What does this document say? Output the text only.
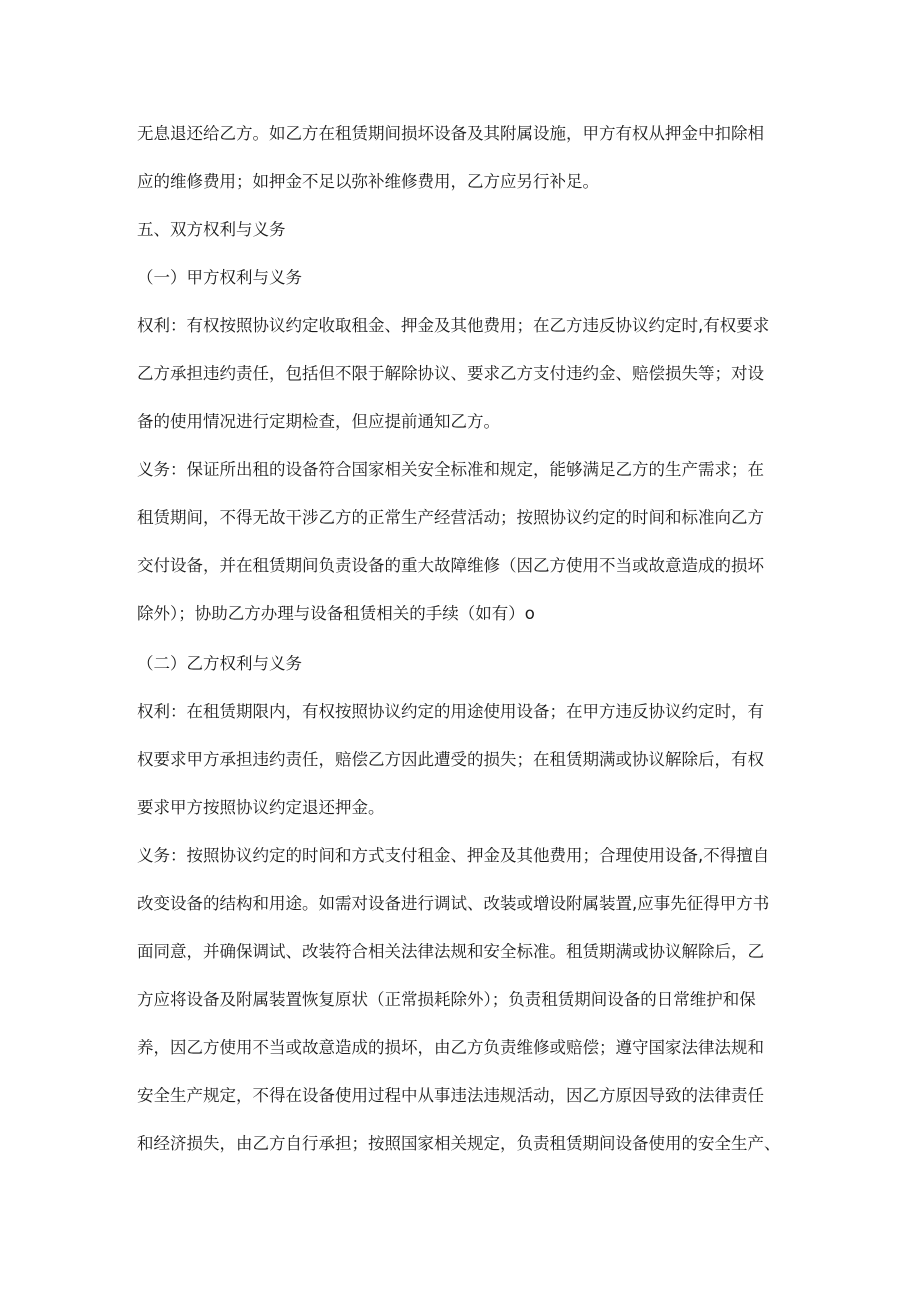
无息退还给乙方。如乙方在租赁期间损坏设备及其附属设施，甲方有权从押金中扣除相
应的维修费用；如押金不足以弥补维修费用，乙方应另行补足。
五、双方权利与义务
（一）甲方权利与义务
权利：有权按照协议约定收取租金、押金及其他费用；在乙方违反协议约定时,有权要求
乙方承担违约责任，包括但不限于解除协议、要求乙方支付违约金、赔偿损失等；对设
备的使用情况进行定期检查，但应提前通知乙方。
义务：保证所出租的设备符合国家相关安全标准和规定，能够满足乙方的生产需求；在
租赁期间，不得无故干涉乙方的正常生产经营活动；按照协议约定的时间和标准向乙方
交付设备，并在租赁期间负责设备的重大故障维修（因乙方使用不当或故意造成的损坏
除外）；协助乙方办理与设备租赁相关的手续（如有）o
（二）乙方权利与义务
权利：在租赁期限内，有权按照协议约定的用途使用设备；在甲方违反协议约定时，有
权要求甲方承担违约责任，赔偿乙方因此遭受的损失；在租赁期满或协议解除后，有权
要求甲方按照协议约定退还押金。
义务：按照协议约定的时间和方式支付租金、押金及其他费用；合理使用设备,不得擅自
改变设备的结构和用途。如需对设备进行调试、改装或增设附属装置,应事先征得甲方书
面同意，并确保调试、改装符合相关法律法规和安全标准。租赁期满或协议解除后，乙
方应将设备及附属装置恢复原状（正常损耗除外）；负责租赁期间设备的日常维护和保
养，因乙方使用不当或故意造成的损坏，由乙方负责维修或赔偿；遵守国家法律法规和
安全生产规定，不得在设备使用过程中从事违法违规活动，因乙方原因导致的法律责任
和经济损失，由乙方自行承担；按照国家相关规定，负责租赁期间设备使用的安全生产、
